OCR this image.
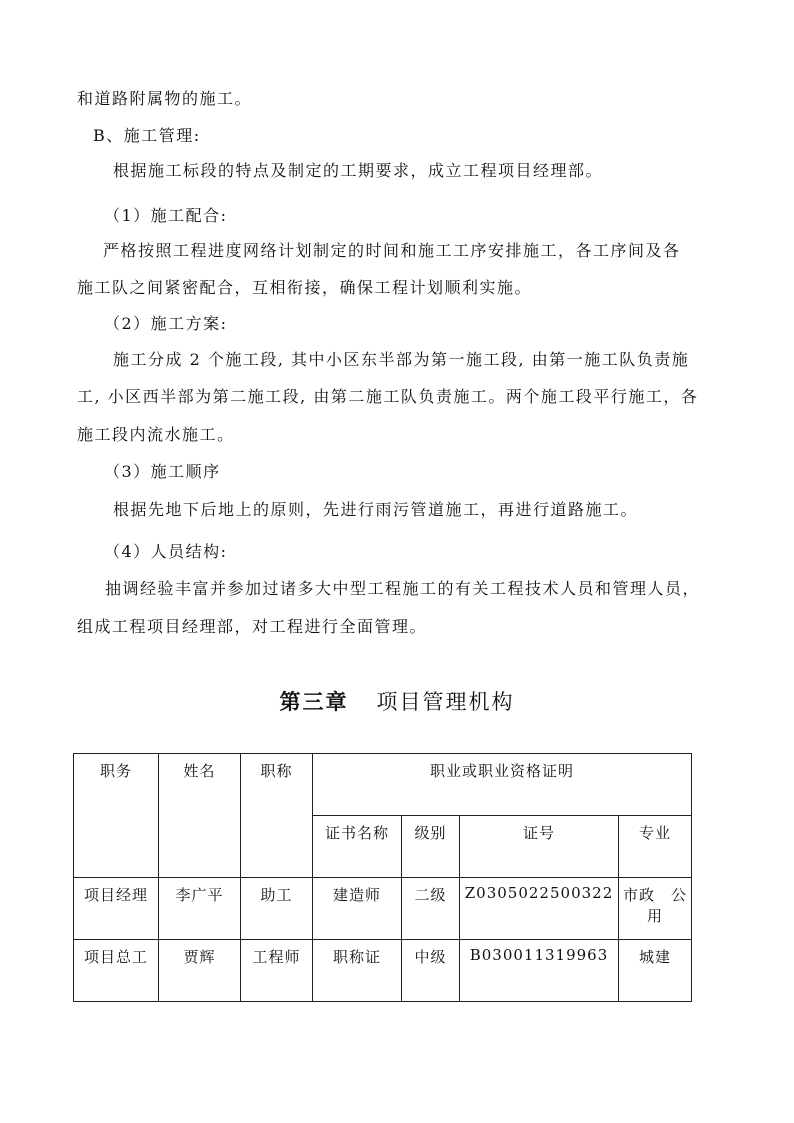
和道路附属物的施工。
B、施工管理:
根据施工标段的特点及制定的工期要求，成立工程项目经理部。
（1）施工配合:
严格按照工程进度网络计划制定的时间和施工工序安排施工，各工序间及各
施工队之间紧密配合，互相衔接，确保工程计划顺利实施。
（2）施工方案:
施工分成 2 个施工段, 其中小区东半部为第一施工段, 由第一施工队负责施
工, 小区西半部为第二施工段, 由第二施工队负责施工。两个施工段平行施工，各
施工段内流水施工。
（3）施工顺序
根据先地下后地上的原则，先进行雨污管道施工，再进行道路施工。
（4）人员结构:
抽调经验丰富并参加过诸多大中型工程施工的有关工程技术人员和管理人员，
组成工程项目经理部，对工程进行全面管理。
第三章 项目管理机构
职务	姓名	职称	职业或职业资格证明			
			证书名称	级别	证号	专业
项目经理	李广平	助工	建造师	二级	Z0305022500322	市政　公用
项目总工	贾辉	工程师	职称证	中级	B030011319963	城建
